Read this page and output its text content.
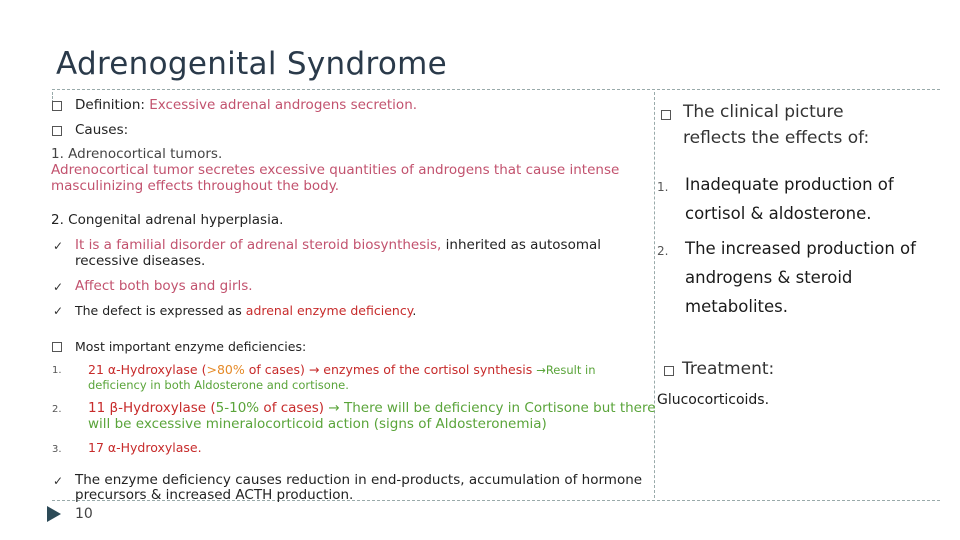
Adrenogenital Syndrome
Definition: Excessive adrenal androgens secretion.
Causes:
1. Adrenocortical tumors.
Adrenocortical tumor secretes excessive quantities of androgens that cause intense
masculinizing effects throughout the body.
2. Congenital adrenal hyperplasia.
✓ It is a familial disorder of adrenal steroid biosynthesis, inherited as autosomal
recessive diseases.
✓ Affect both boys and girls.
✓ The defect is expressed as adrenal enzyme deficiency.
Most important enzyme deficiencies:
1. 21 α-Hydroxylase (>80% of cases) → enzymes of the cortisol synthesis →Result in
deficiency in both Aldosterone and cortisone.
2. 11 β-Hydroxylase (5-10% of cases) → There will be deficiency in Cortisone but there
will be excessive mineralocorticoid action (signs of Aldosteronemia)
3. 17 α-Hydroxylase.
✓ The enzyme deficiency causes reduction in end-products, accumulation of hormone
precursors & increased ACTH production.
10
The clinical picture
reflects the effects of:
1. Inadequate production of
cortisol & aldosterone.
2. The increased production of
androgens & steroid
metabolites.
Treatment:
Glucocorticoids.
